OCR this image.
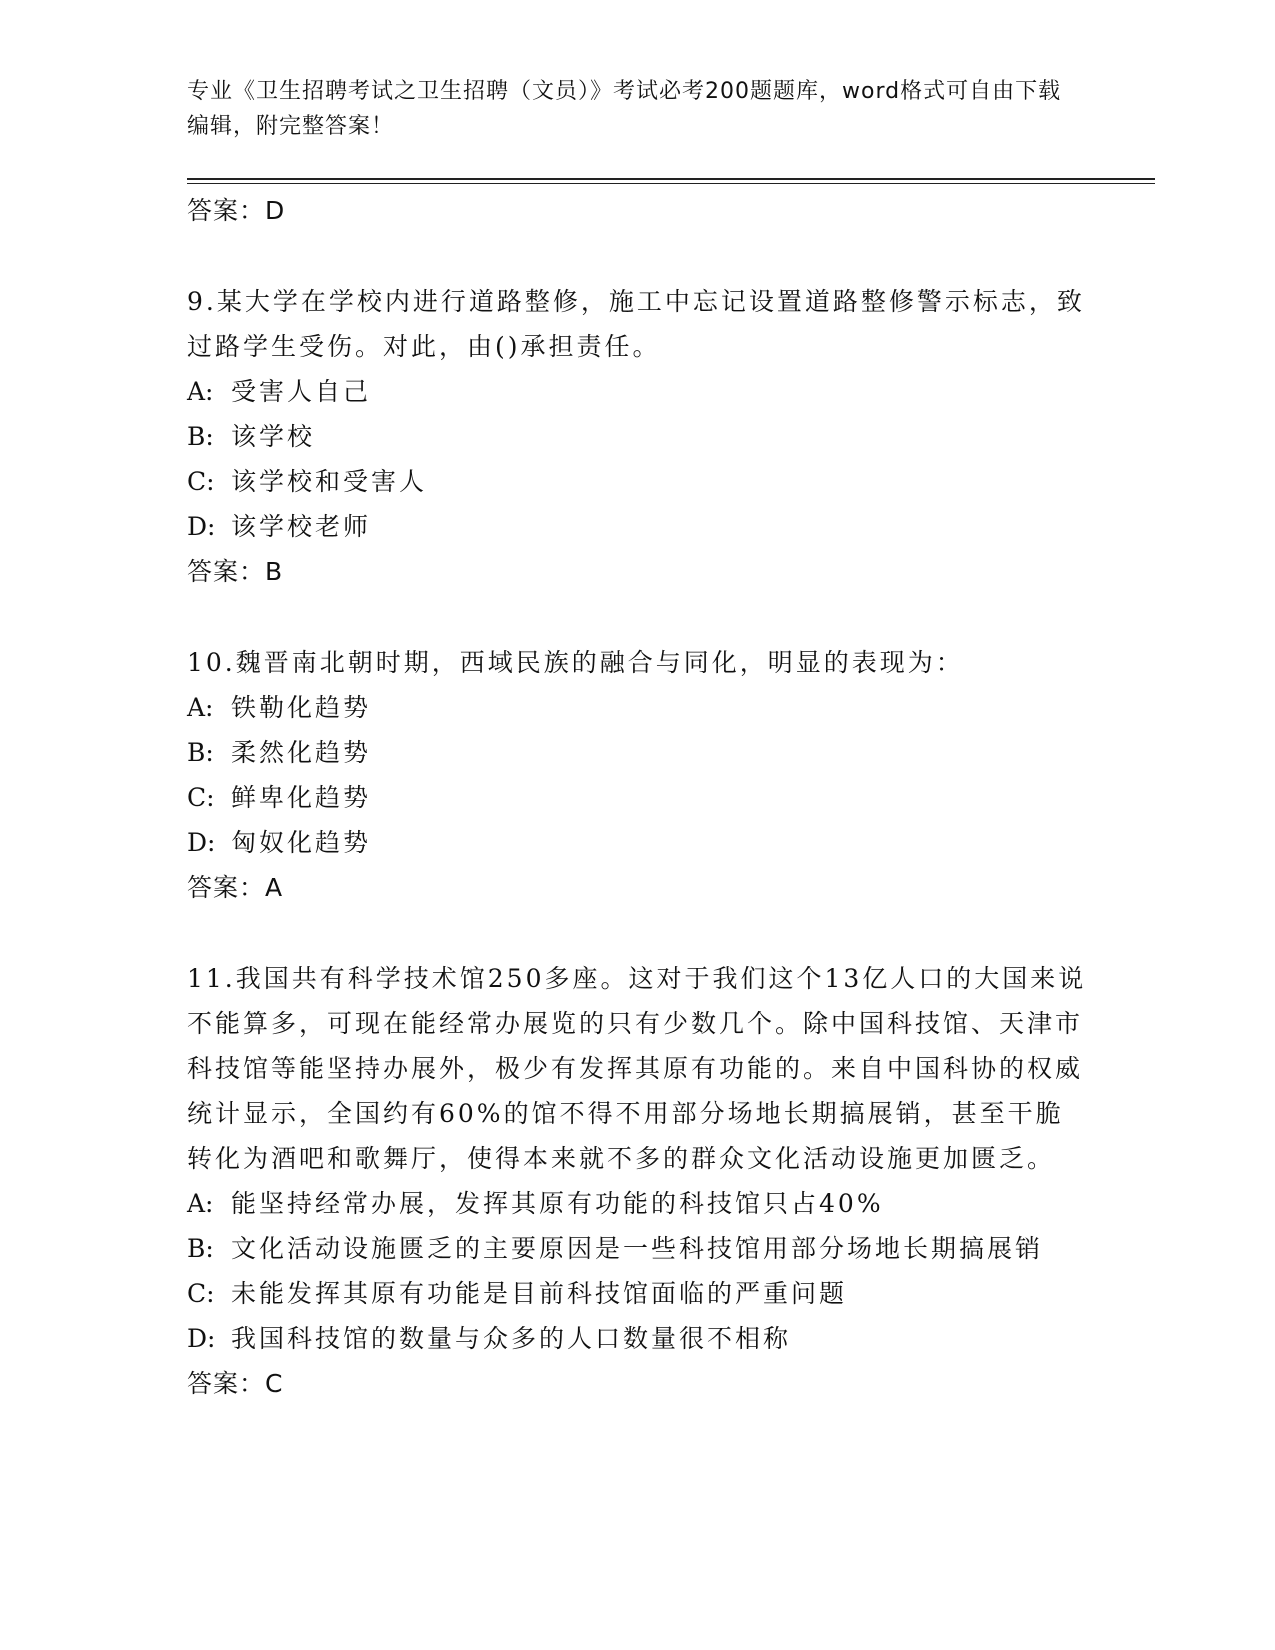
专业《卫生招聘考试之卫生招聘（文员）》考试必考200题题库，word格式可自由下载编辑，附完整答案！
答案：D
9.某大学在学校内进行道路整修，施工中忘记设置道路整修警示标志，致过路学生受伤。对此，由()承担责任。
A: 受害人自己
B: 该学校
C: 该学校和受害人
D: 该学校老师
答案：B
10.魏晋南北朝时期，西域民族的融合与同化，明显的表现为：
A: 铁勒化趋势
B: 柔然化趋势
C: 鲜卑化趋势
D: 匈奴化趋势
答案：A
11.我国共有科学技术馆250多座。这对于我们这个13亿人口的大国来说不能算多，可现在能经常办展览的只有少数几个。除中国科技馆、天津市科技馆等能坚持办展外，极少有发挥其原有功能的。来自中国科协的权威统计显示，全国约有60%的馆不得不用部分场地长期搞展销，甚至干脆转化为酒吧和歌舞厅，使得本来就不多的群众文化活动设施更加匮乏。
A: 能坚持经常办展，发挥其原有功能的科技馆只占40%
B: 文化活动设施匮乏的主要原因是一些科技馆用部分场地长期搞展销
C: 未能发挥其原有功能是目前科技馆面临的严重问题
D: 我国科技馆的数量与众多的人口数量很不相称
答案：C
